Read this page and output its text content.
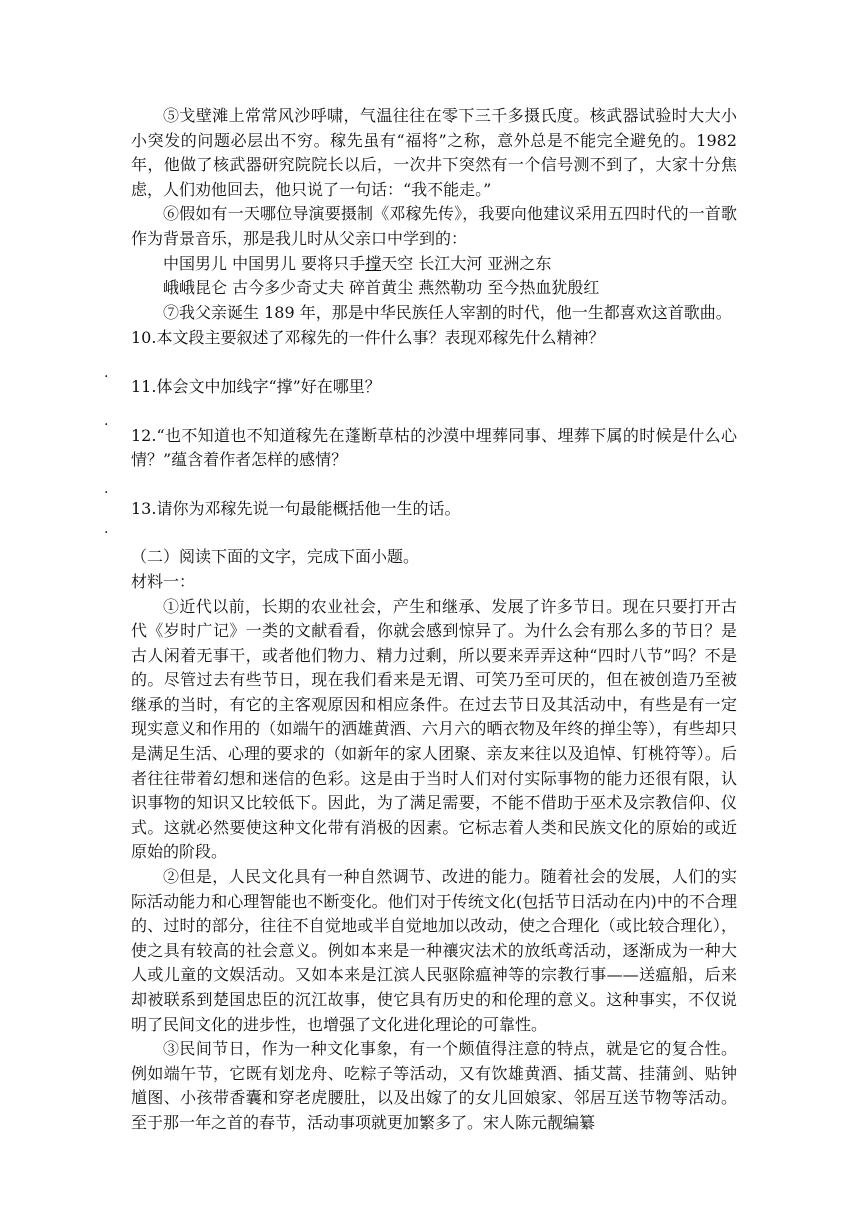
⑤戈壁滩上常常风沙呼啸，气温往往在零下三千多摄氏度。核武器试验时大大小小突发的问题必层出不穷。稼先虽有“福将”之称，意外总是不能完全避免的。1982 年，他做了核武器研究院院长以后，一次井下突然有一个信号测不到了，大家十分焦虑，人们劝他回去，他只说了一句话：“我不能走。”

⑥假如有一天哪位导演要摄制《邓稼先传》，我要向他建议采用五四时代的一首歌作为背景音乐，那是我儿时从父亲口中学到的：

中国男儿 中国男儿 要将只手撑天空 长江大河 亚洲之东

峨峨昆仑 古今多少奇丈夫 碎首黄尘 燕然勒功 至今热血犹殷红

⑦我父亲诞生 189 年，那是中华民族任人宰割的时代，他一生都喜欢这首歌曲。

10.本文段主要叙述了邓稼先的一件什么事？表现邓稼先什么精神？

11.体会文中加线字“撑”好在哪里？

12.“也不知道也不知道稼先在蓬断草枯的沙漠中埋葬同事、埋葬下属的时候是什么心情？”蕴含着作者怎样的感情？

13.请你为邓稼先说一句最能概括他一生的话。

（二）阅读下面的文字，完成下面小题。

材料一：

①近代以前，长期的农业社会，产生和继承、发展了许多节日。现在只要打开古代《岁时广记》一类的文献看看，你就会感到惊异了。为什么会有那么多的节日？是古人闲着无事干，或者他们物力、精力过剩，所以要来弄弄这种“四时八节”吗？不是的。尽管过去有些节日，现在我们看来是无谓、可笑乃至可厌的，但在被创造乃至被继承的当时，有它的主客观原因和相应条件。在过去节日及其活动中，有些是有一定现实意义和作用的（如端午的洒雄黄酒、六月六的晒衣物及年终的掸尘等），有些却只是满足生活、心理的要求的（如新年的家人团聚、亲友来往以及追悼、钉桃符等）。后者往往带着幻想和迷信的色彩。这是由于当时人们对付实际事物的能力还很有限，认识事物的知识又比较低下。因此，为了满足需要，不能不借助于巫术及宗教信仰、仪式。这就必然要使这种文化带有消极的因素。它标志着人类和民族文化的原始的或近原始的阶段。

②但是，人民文化具有一种自然调节、改进的能力。随着社会的发展，人们的实际活动能力和心理智能也不断变化。他们对于传统文化(包括节日活动在内)中的不合理的、过时的部分，往往不自觉地或半自觉地加以改动，使之合理化（或比较合理化），使之具有较高的社会意义。例如本来是一种禳灾法术的放纸鸢活动，逐渐成为一种大人或儿童的文娱活动。又如本来是江滨人民驱除瘟神等的宗教行事——送瘟船，后来却被联系到楚国忠臣的沉江故事，使它具有历史的和伦理的意义。这种事实，不仅说明了民间文化的进步性，也增强了文化进化理论的可靠性。

③民间节日，作为一种文化事象，有一个颇值得注意的特点，就是它的复合性。例如端午节，它既有划龙舟、吃粽子等活动，又有饮雄黄酒、插艾蒿、挂蒲剑、贴钟馗图、小孩带香囊和穿老虎腰肚，以及出嫁了的女儿回娘家、邻居互送节物等活动。至于那一年之首的春节，活动事项就更加繁多了。宋人陈元靓编纂

.
.
.
.
